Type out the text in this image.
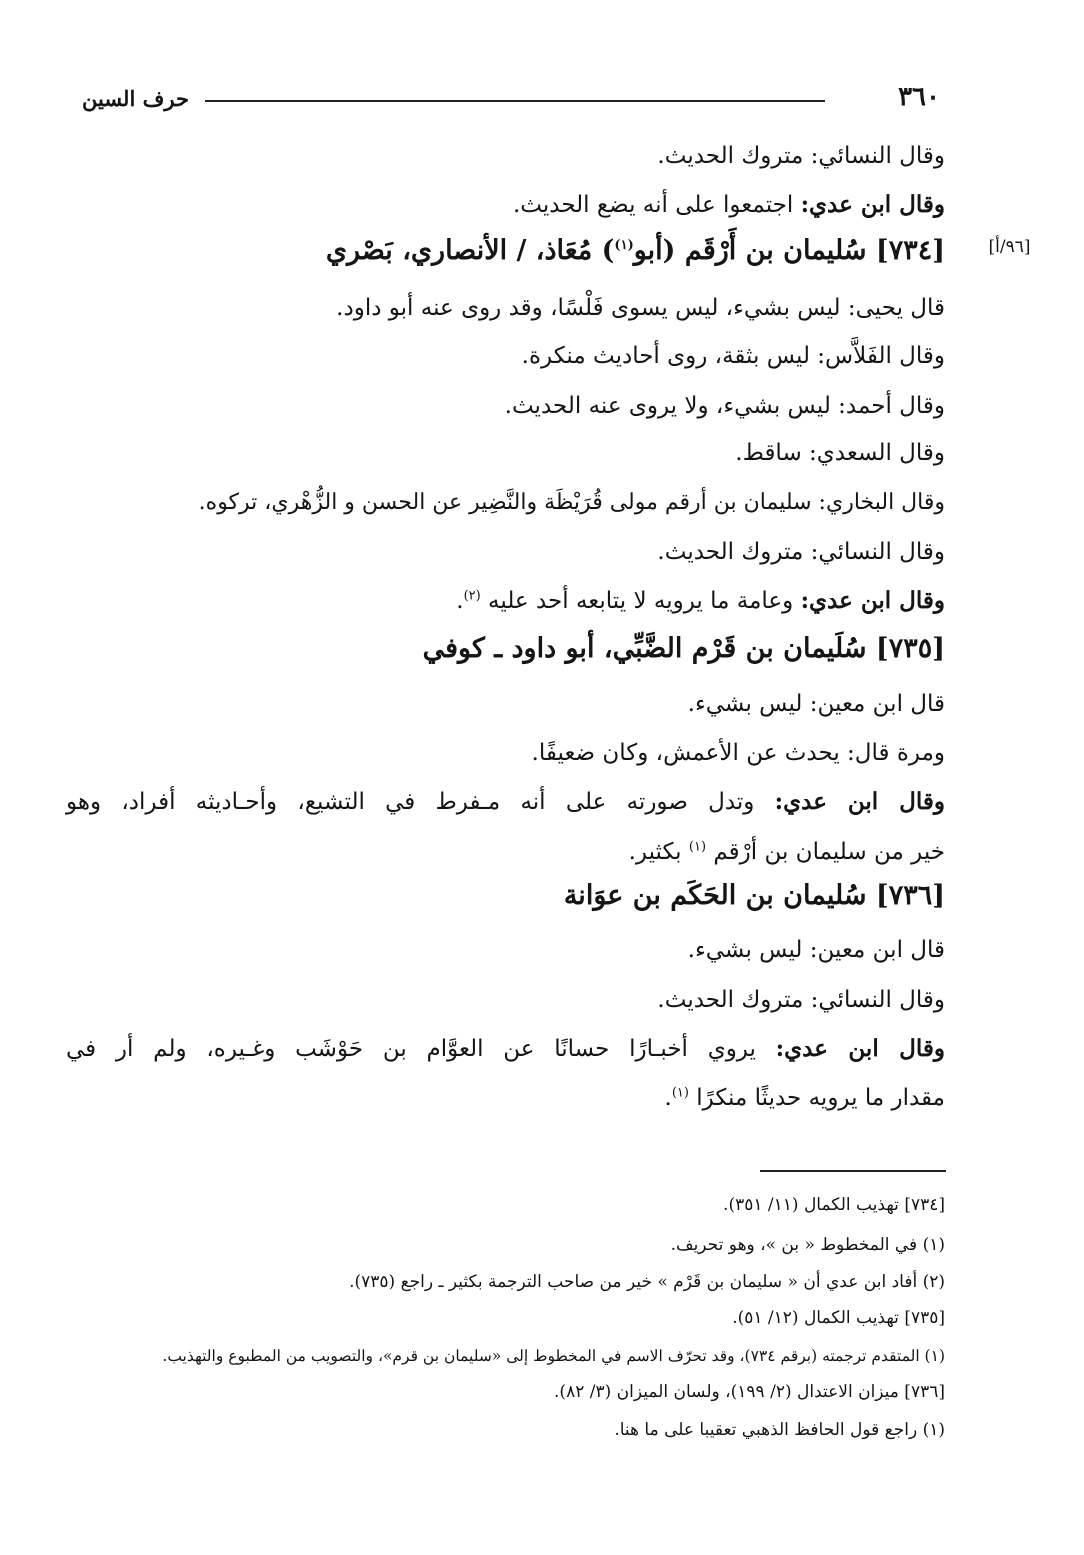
حرف السين	٣٦٠
[٩٦/أ]
وقال النسائي: متروك الحديث.
وقال ابن عدي: اجتمعوا على أنه يضع الحديث.
[٧٣٤] سُليمان بن أَرْقَم (أبو$^{(١)}$) مُعَاذ، / الأنصاري، بَصْري
قال يحيى: ليس بشيء، ليس يسوى فَلْسًا، وقد روى عنه أبو داود.
وقال الفَلاَّس: ليس بثقة، روى أحاديث منكرة.
وقال أحمد: ليس بشيء، ولا يروى عنه الحديث.
وقال السعدي: ساقط.
وقال البخاري: سليمان بن أرقم مولى قُرَيْظَة والنَّضِير عن الحسن و الزُّهْري، تركوه.
وقال النسائي: متروك الحديث.
وقال ابن عدي: وعامة ما يرويه لا يتابعه أحد عليه $^{(٢)}$.
[٧٣٥] سُلَيمان بن قَرْم الضَّبِّي، أبو داود ـ كوفي
قال ابن معين: ليس بشيء.
ومرة قال: يحدث عن الأعمش، وكان ضعيفًا.
وقال ابن عدي: وتدل صورته على أنه مـفرط في التشيع، وأحـاديثه أفراد، وهو
خير من سليمان بن أرْقم $^{(١)}$ بكثير.
[٧٣٦] سُليمان بن الحَكَم بن عوَانة
قال ابن معين: ليس بشيء.
وقال النسائي: متروك الحديث.
وقال ابن عدي: يروي أخبـارًا حسانًا عن العوَّام بن حَوْشَب وغـيره، ولم أر في
مقدار ما يرويه حديثًا منكرًا $^{(١)}$.
[٧٣٤] تهذيب الكمال (١١/ ٣٥١).
(١) في المخطوط « بن »، وهو تحريف.
(٢) أفاد ابن عدي أن « سليمان بن قَرْم » خير من صاحب الترجمة بكثير ـ راجع (٧٣٥).
[٧٣٥] تهذيب الكمال (١٢/ ٥١).
(١) المتقدم ترجمته (برقم ٧٣٤)، وقد تحرّف الاسم في المخطوط إلى «سليمان بن قرم»، والتصويب من المطبوع والتهذيب.
[٧٣٦] ميزان الاعتدال (٢/ ١٩٩)، ولسان الميزان (٣/ ٨٢).
(١) راجع قول الحافظ الذهبي تعقيبا على ما هنا.
